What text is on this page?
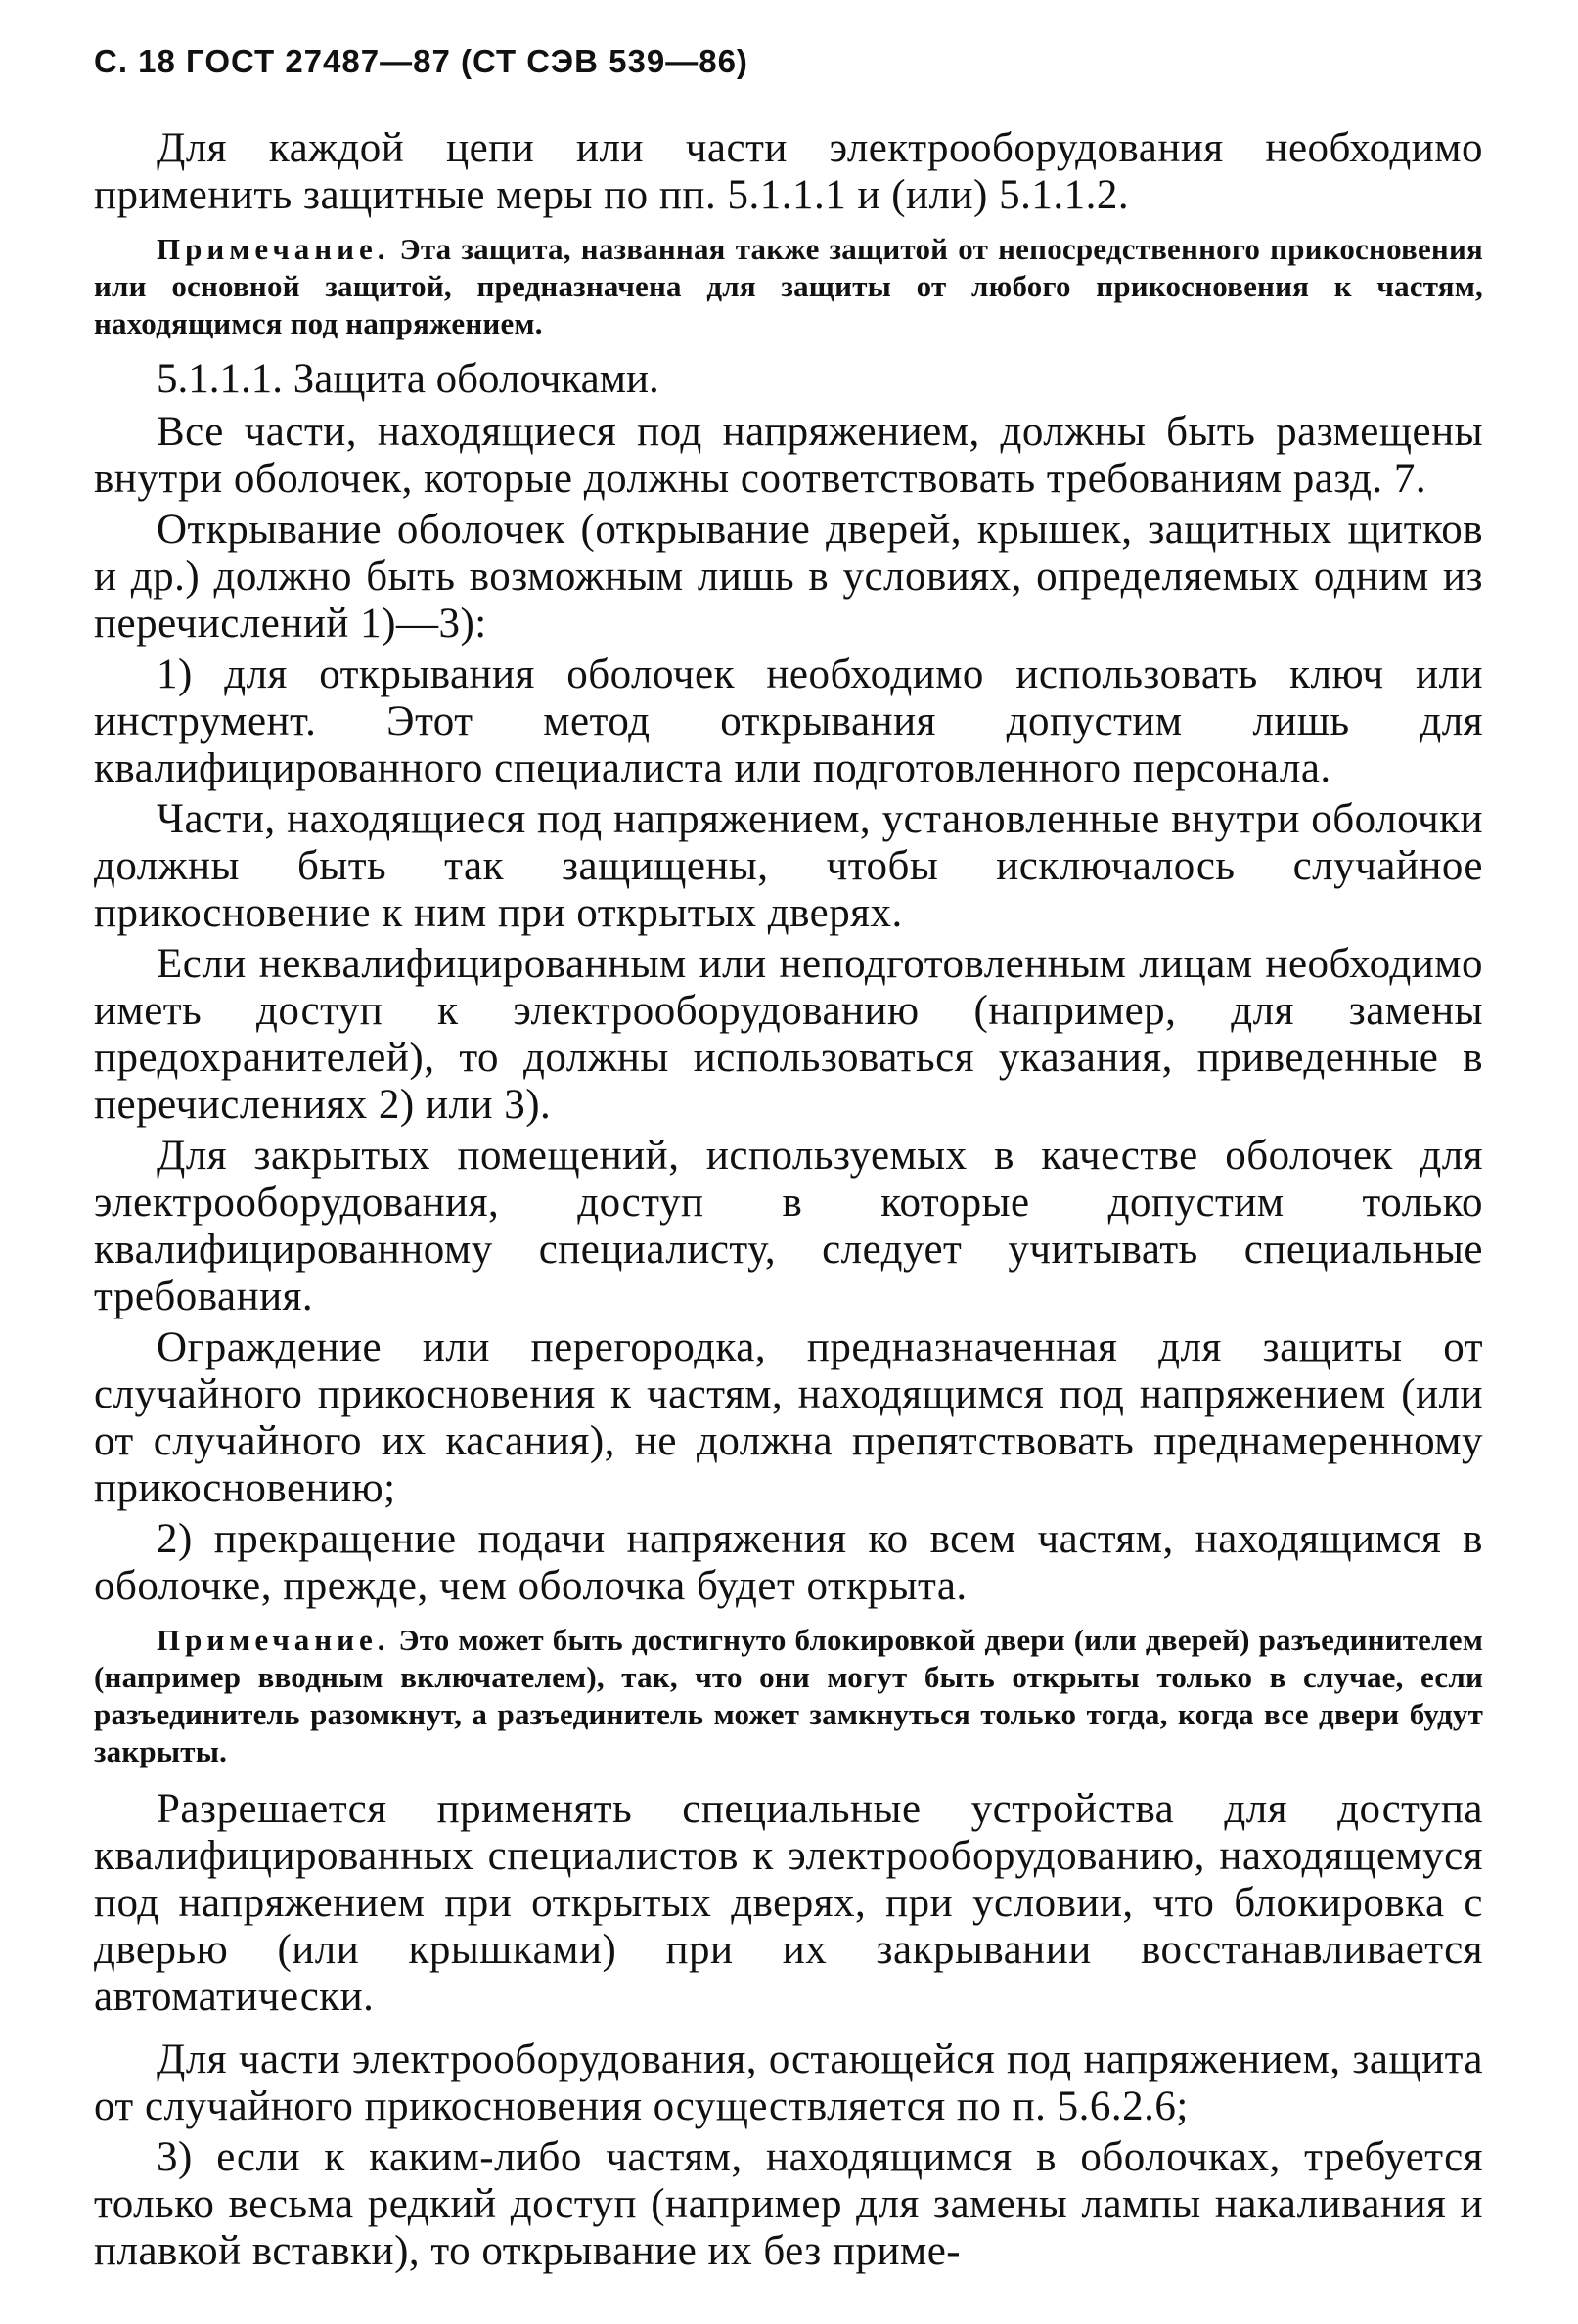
С. 18 ГОСТ 27487—87 (СТ СЭВ 539—86)

Для каждой цепи или части электрооборудования необходимо применить защитные меры по пп. 5.1.1.1 и (или) 5.1.1.2.

Примечание. Эта защита, названная также защитой от непосредственного прикосновения или основной защитой, предназначена для защиты от любого прикосновения к частям, находящимся под напряжением.

5.1.1.1. Защита оболочками.

Все части, находящиеся под напряжением, должны быть размещены внутри оболочек, которые должны соответствовать требованиям разд. 7.

Открывание оболочек (открывание дверей, крышек, защитных щитков и др.) должно быть возможным лишь в условиях, определяемых одним из перечислений 1)—3):

1) для открывания оболочек необходимо использовать ключ или инструмент. Этот метод открывания допустим лишь для квалифицированного специалиста или подготовленного персонала.

Части, находящиеся под напряжением, установленные внутри оболочки должны быть так защищены, чтобы исключалось случайное прикосновение к ним при открытых дверях.

Если неквалифицированным или неподготовленным лицам необходимо иметь доступ к электрооборудованию (например, для замены предохранителей), то должны использоваться указания, приведенные в перечислениях 2) или 3).

Для закрытых помещений, используемых в качестве оболочек для электрооборудования, доступ в которые допустим только квалифицированному специалисту, следует учитывать специальные требования.

Ограждение или перегородка, предназначенная для защиты от случайного прикосновения к частям, находящимся под напряжением (или от случайного их касания), не должна препятствовать преднамеренному прикосновению;

2) прекращение подачи напряжения ко всем частям, находящимся в оболочке, прежде, чем оболочка будет открыта.

Примечание. Это может быть достигнуто блокировкой двери (или дверей) разъединителем (например вводным включателем), так, что они могут быть открыты только в случае, если разъединитель разомкнут, а разъединитель может замкнуться только тогда, когда все двери будут закрыты.

Разрешается применять специальные устройства для доступа квалифицированных специалистов к электрооборудованию, находящемуся под напряжением при открытых дверях, при условии, что блокировка с дверью (или крышками) при их закрывании восстанавливается автоматически.

Для части электрооборудования, остающейся под напряжением, защита от случайного прикосновения осуществляется по п. 5.6.2.6;

3) если к каким-либо частям, находящимся в оболочках, требуется только весьма редкий доступ (например для замены лампы накаливания и плавкой вставки), то открывание их без приме-
